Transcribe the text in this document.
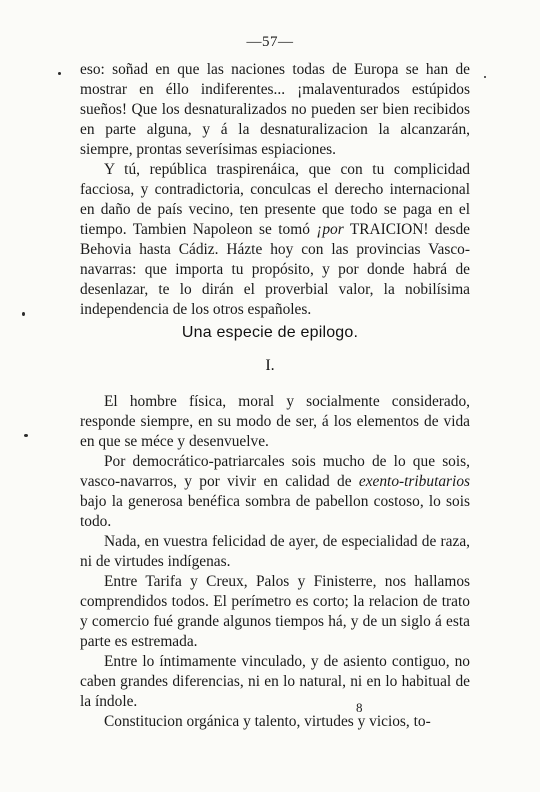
—57—

eso: soñad en que las naciones todas de Europa se han de mostrar en éllo indiferentes... ¡malaventurados estúpidos sueños! Que los desnaturalizados no pueden ser bien recibidos en parte alguna, y á la desnaturalizacion la alcanzarán, siempre, prontas severísimas espiaciones.

Y tú, república traspirenáica, que con tu complicidad facciosa, y contradictoria, conculcas el derecho internacional en daño de país vecino, ten presente que todo se paga en el tiempo. Tambien Napoleon se tomó ¡por TRAICION! desde Behovia hasta Cádiz. Házte hoy con las provincias Vasco-navarras: que importa tu propósito, y por donde habrá de desenlazar, te lo dirán el proverbial valor, la nobilísima independencia de los otros españoles.

Una especie de epilogo.
I.

El hombre física, moral y socialmente considerado, responde siempre, en su modo de ser, á los elementos de vida en que se méce y desenvuelve.

Por democrático-patriarcales sois mucho de lo que sois, vasco-navarros, y por vivir en calidad de exento-tributarios bajo la generosa benéfica sombra de pabellon costoso, lo sois todo.

Nada, en vuestra felicidad de ayer, de especialidad de raza, ni de virtudes indígenas.

Entre Tarifa y Creux, Palos y Finisterre, nos hallamos comprendidos todos. El perímetro es corto; la relacion de trato y comercio fué grande algunos tiempos há, y de un siglo á esta parte es estremada.

Entre lo íntimamente vinculado, y de asiento contiguo, no caben grandes diferencias, ni en lo natural, ni en lo habitual de la índole.

Constitucion orgánica y talento, virtudes y vicios, to-

8
